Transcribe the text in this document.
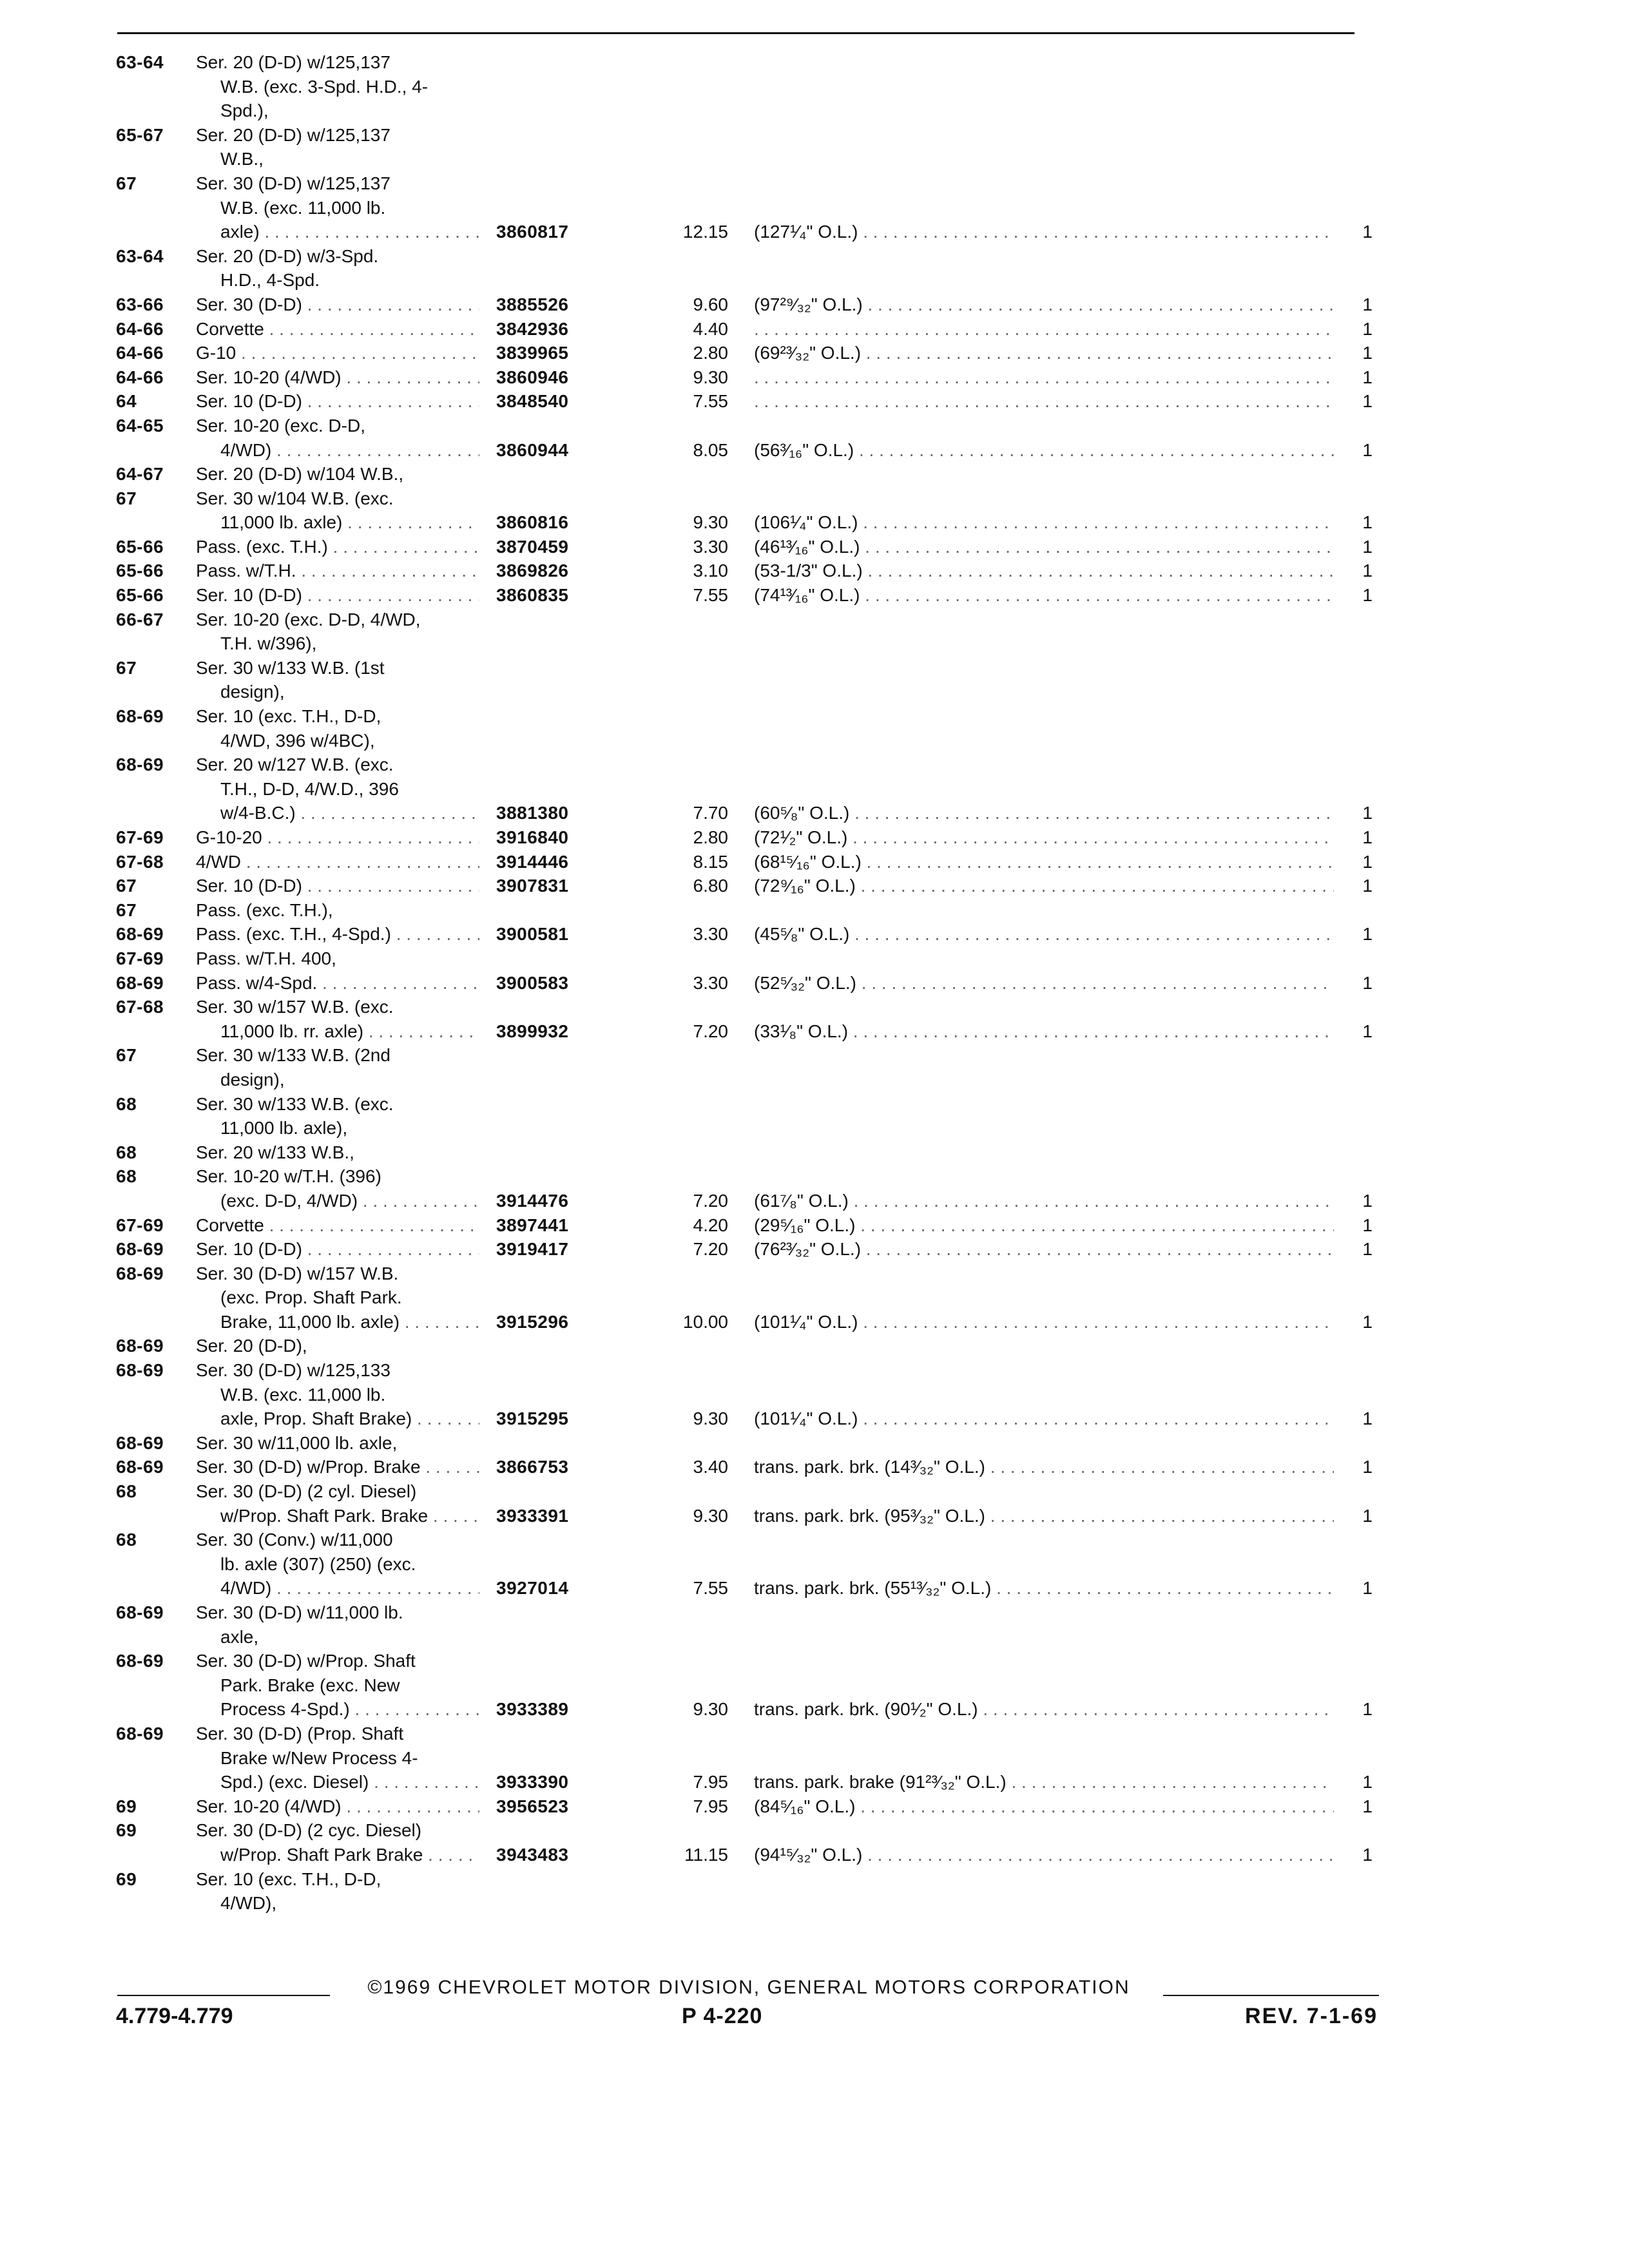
63-64 Ser. 20 (D-D) w/125,137
W.B. (exc. 3-Spd. H.D., 4-
Spd.),
65-67 Ser. 20 (D-D) w/125,137
W.B.,
67	Ser. 30 (D-D) w/125,137
W.B. (exc. 11,000 lb.
axle) . . .	3860817	12.15 (127¹⁄₄" O.L.) . . .	1
63-64 Ser. 20 (D-D) w/3-Spd.
H.D., 4-Spd.
63-66 Ser. 30 (D-D) . . .	3885526	9.60 (97²⁹⁄₃₂" O.L.) . . .	1
64-66 Corvette . . .	3842936	4.40 . . .	1
64-66 G-10 . . .	3839965	2.80 (69²³⁄₃₂" O.L.) . . .	1
64-66 Ser. 10-20 (4/WD) . . .	3860946	9.30 . . .	1
64	Ser. 10 (D-D) . . .	3848540	7.55 . . .	1
64-65 Ser. 10-20 (exc. D-D,
4/WD) . . .	3860944	8.05 (56³⁄₁₆" O.L.) . . .	1
64-67 Ser. 20 (D-D) w/104 W.B.,
67	Ser. 30 w/104 W.B. (exc.
11,000 lb. axle) . . .	3860816	9.30 (106¹⁄₄" O.L.) . . .	1
65-66 Pass. (exc. T.H.) . . .	3870459	3.30 (46¹³⁄₁₆" O.L.) . . .	1
65-66 Pass. w/T.H. . . .	3869826	3.10 (53-1/3" O.L.) . . .	1
65-66 Ser. 10 (D-D) . . .	3860835	7.55 (74¹³⁄₁₆" O.L.) . . .	1
66-67 Ser. 10-20 (exc. D-D, 4/WD,
T.H. w/396),
67	Ser. 30 w/133 W.B. (1st
design),
68-69 Ser. 10 (exc. T.H., D-D,
4/WD, 396 w/4BC),
68-69 Ser. 20 w/127 W.B. (exc.
T.H., D-D, 4/W.D., 396
w/4-B.C.) . . .	3881380	7.70 (60⁵⁄₈" O.L.) . . .	1
67-69 G-10-20 . . .	3916840	2.80 (72¹⁄₂" O.L.) . . .	1
67-68 4/WD . . .	3914446	8.15 (68¹⁵⁄₁₆" O.L.) . . .	1
67	Ser. 10 (D-D) . . .	3907831	6.80 (72⁹⁄₁₆" O.L.) . . .	1
67	Pass. (exc. T.H.),
68-69 Pass. (exc. T.H., 4-Spd.) . . .	3900581	3.30 (45⁵⁄₈" O.L.) . . .	1
67-69 Pass. w/T.H. 400,
68-69 Pass. w/4-Spd. . . .	3900583	3.30 (52⁵⁄₃₂" O.L.) . . .	1
67-68 Ser. 30 w/157 W.B. (exc.
11,000 lb. rr. axle) . . .	3899932	7.20 (33¹⁄₈" O.L.) . . .	1
67	Ser. 30 w/133 W.B. (2nd
design),
68	Ser. 30 w/133 W.B. (exc.
11,000 lb. axle),
68	Ser. 20 w/133 W.B.,
68	Ser. 10-20 w/T.H. (396)
(exc. D-D, 4/WD) . . .	3914476	7.20 (61⁷⁄₈" O.L.) . . .	1
67-69 Corvette . . .	3897441	4.20 (29⁵⁄₁₆" O.L.) . . .	1
68-69 Ser. 10 (D-D) . . .	3919417	7.20 (76²³⁄₃₂" O.L.) . . .	1
68-69 Ser. 30 (D-D) w/157 W.B.
(exc. Prop. Shaft Park.
Brake, 11,000 lb. axle) . . .	3915296	10.00 (101¹⁄₄" O.L.) . . .	1
68-69 Ser. 20 (D-D),
68-69 Ser. 30 (D-D) w/125,133
W.B. (exc. 11,000 lb.
axle, Prop. Shaft Brake) . . .	3915295	9.30 (101¹⁄₄" O.L.) . . .	1
68-69 Ser. 30 w/11,000 lb. axle,
68-69 Ser. 30 (D-D) w/Prop. Brake . . .	3866753	3.40 trans. park. brk. (14³⁄₃₂" O.L.) . . .	1
68	Ser. 30 (D-D) (2 cyl. Diesel)
w/Prop. Shaft Park. Brake . . .	3933391	9.30 trans. park. brk. (95³⁄₃₂" O.L.) . . .	1
68	Ser. 30 (Conv.) w/11,000
lb. axle (307) (250) (exc.
4/WD) . . .	3927014	7.55 trans. park. brk. (55¹³⁄₃₂" O.L.) . . .	1
68-69 Ser. 30 (D-D) w/11,000 lb.
axle,
68-69 Ser. 30 (D-D) w/Prop. Shaft
Park. Brake (exc. New
Process 4-Spd.) . . .	3933389	9.30 trans. park. brk. (90¹⁄₂" O.L.) . . .	1
68-69 Ser. 30 (D-D) (Prop. Shaft
Brake w/New Process 4-
Spd.) (exc. Diesel) . . .	3933390	7.95 trans. park. brake (91²³⁄₃₂" O.L.) . . .	1
69	Ser. 10-20 (4/WD) . . .	3956523	7.95 (84⁵⁄₁₆" O.L.) . . .	1
69	Ser. 30 (D-D) (2 cyc. Diesel)
w/Prop. Shaft Park Brake . . .	3943483	11.15 (94¹⁵⁄₃₂" O.L.) . . .	1
69	Ser. 10 (exc. T.H., D-D,
4/WD),
©1969 CHEVROLET MOTOR DIVISION, GENERAL MOTORS CORPORATION
4.779-4.779	P 4-220	REV. 7-1-69
